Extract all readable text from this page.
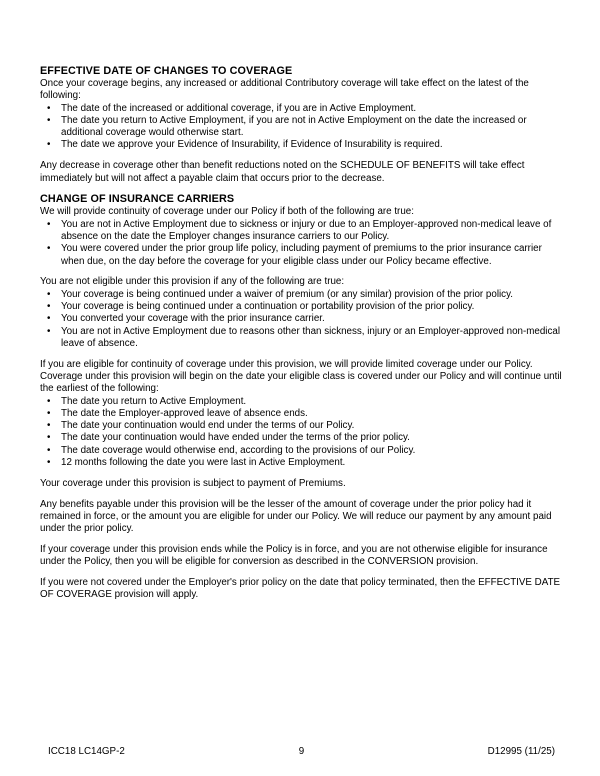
EFFECTIVE DATE OF CHANGES TO COVERAGE

Once your coverage begins, any increased or additional Contributory coverage will take effect on the latest of the following:

• The date of the increased or additional coverage, if you are in Active Employment.
• The date you return to Active Employment, if you are not in Active Employment on the date the increased or additional coverage would otherwise start.
• The date we approve your Evidence of Insurability, if Evidence of Insurability is required.

Any decrease in coverage other than benefit reductions noted on the SCHEDULE OF BENEFITS will take effect immediately but will not affect a payable claim that occurs prior to the decrease.

CHANGE OF INSURANCE CARRIERS

We will provide continuity of coverage under our Policy if both of the following are true:

• You are not in Active Employment due to sickness or injury or due to an Employer-approved non-medical leave of absence on the date the Employer changes insurance carriers to our Policy.
• You were covered under the prior group life policy, including payment of premiums to the prior insurance carrier when due, on the day before the coverage for your eligible class under our Policy became effective.

You are not eligible under this provision if any of the following are true:

• Your coverage is being continued under a waiver of premium (or any similar) provision of the prior policy.
• Your coverage is being continued under a continuation or portability provision of the prior policy.
• You converted your coverage with the prior insurance carrier.
• You are not in Active Employment due to reasons other than sickness, injury or an Employer-approved non-medical leave of absence.

If you are eligible for continuity of coverage under this provision, we will provide limited coverage under our Policy. Coverage under this provision will begin on the date your eligible class is covered under our Policy and will continue until the earliest of the following:

• The date you return to Active Employment.
• The date the Employer-approved leave of absence ends.
• The date your continuation would end under the terms of our Policy.
• The date your continuation would have ended under the terms of the prior policy.
• The date coverage would otherwise end, according to the provisions of our Policy.
• 12 months following the date you were last in Active Employment.

Your coverage under this provision is subject to payment of Premiums.

Any benefits payable under this provision will be the lesser of the amount of coverage under the prior policy had it remained in force, or the amount you are eligible for under our Policy. We will reduce our payment by any amount paid under the prior policy.

If your coverage under this provision ends while the Policy is in force, and you are not otherwise eligible for insurance under the Policy, then you will be eligible for conversion as described in the CONVERSION provision.

If you were not covered under the Employer's prior policy on the date that policy terminated, then the EFFECTIVE DATE OF COVERAGE provision will apply.

ICC18 LC14GP-2	9	D12995 (11/25)
